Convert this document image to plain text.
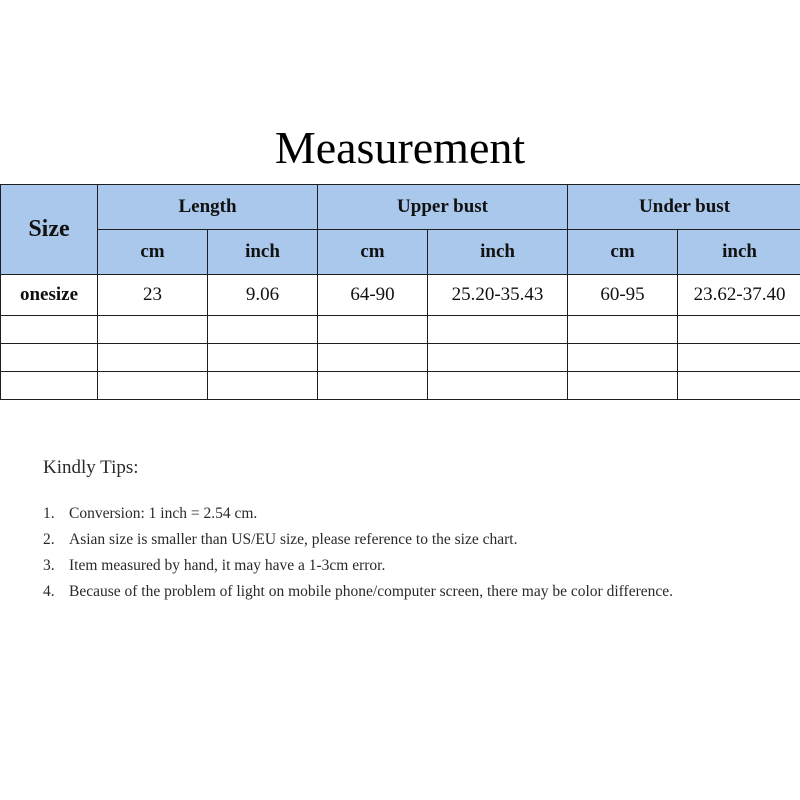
Measurement
Size	Length		Upper bust		Under bust	
	cm	inch	cm	inch	cm	inch
onesize	23	9.06	64-90	25.20-35.43	60-95	23.62-37.40

Kindly Tips:
1. Conversion: 1 inch = 2.54 cm.
2. Asian size is smaller than US/EU size, please reference to the size chart.
3. Item measured by hand, it may have a 1-3cm error.
4. Because of the problem of light on mobile phone/computer screen, there may be color difference.
